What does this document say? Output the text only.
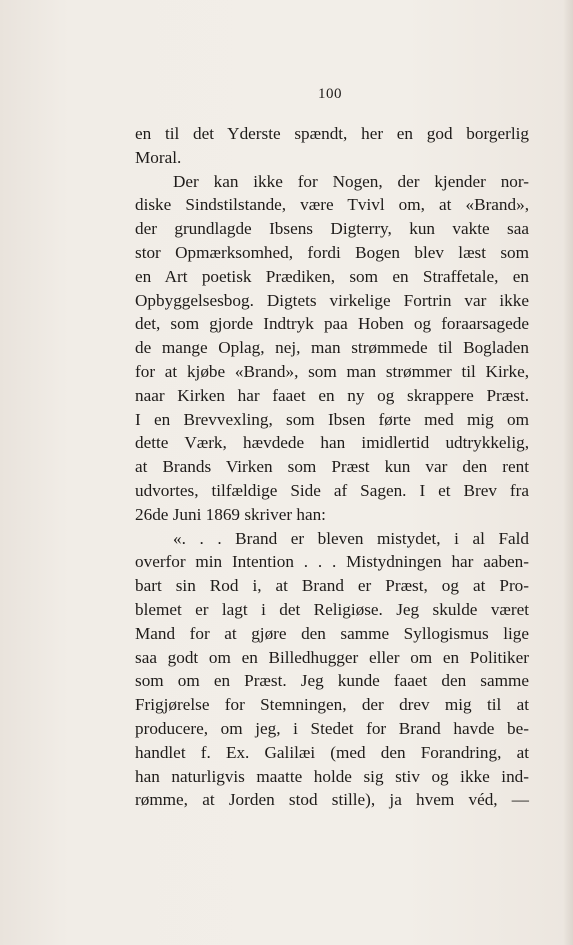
100
en til det Yderste spændt, her en god borgerlig
Moral.
Der kan ikke for Nogen, der kjender nor-
diske Sindstilstande, være Tvivl om, at «Brand»,
der grundlagde Ibsens Digterry, kun vakte saa
stor Opmærksomhed, fordi Bogen blev læst som
en Art poetisk Prædiken, som en Straffetale, en
Opbyggelsesbog. Digtets virkelige Fortrin var ikke
det, som gjorde Indtryk paa Hoben og foraarsagede
de mange Oplag, nej, man strømmede til Bogladen
for at kjøbe «Brand», som man strømmer til Kirke,
naar Kirken har faaet en ny og skrappere Præst.
I en Brevvexling, som Ibsen førte med mig om
dette Værk, hævdede han imidlertid udtrykkelig,
at Brands Virken som Præst kun var den rent
udvortes, tilfældige Side af Sagen. I et Brev fra
26de Juni 1869 skriver han:
«. . . Brand er bleven mistydet, i al Fald
overfor min Intention . . . Mistydningen har aaben-
bart sin Rod i, at Brand er Præst, og at Pro-
blemet er lagt i det Religiøse. Jeg skulde været
Mand for at gjøre den samme Syllogismus lige
saa godt om en Billedhugger eller om en Politiker
som om en Præst. Jeg kunde faaet den samme
Frigjørelse for Stemningen, der drev mig til at
producere, om jeg, i Stedet for Brand havde be-
handlet f. Ex. Galilæi (med den Forandring, at
han naturligvis maatte holde sig stiv og ikke ind-
rømme, at Jorden stod stille), ja hvem véd, —
